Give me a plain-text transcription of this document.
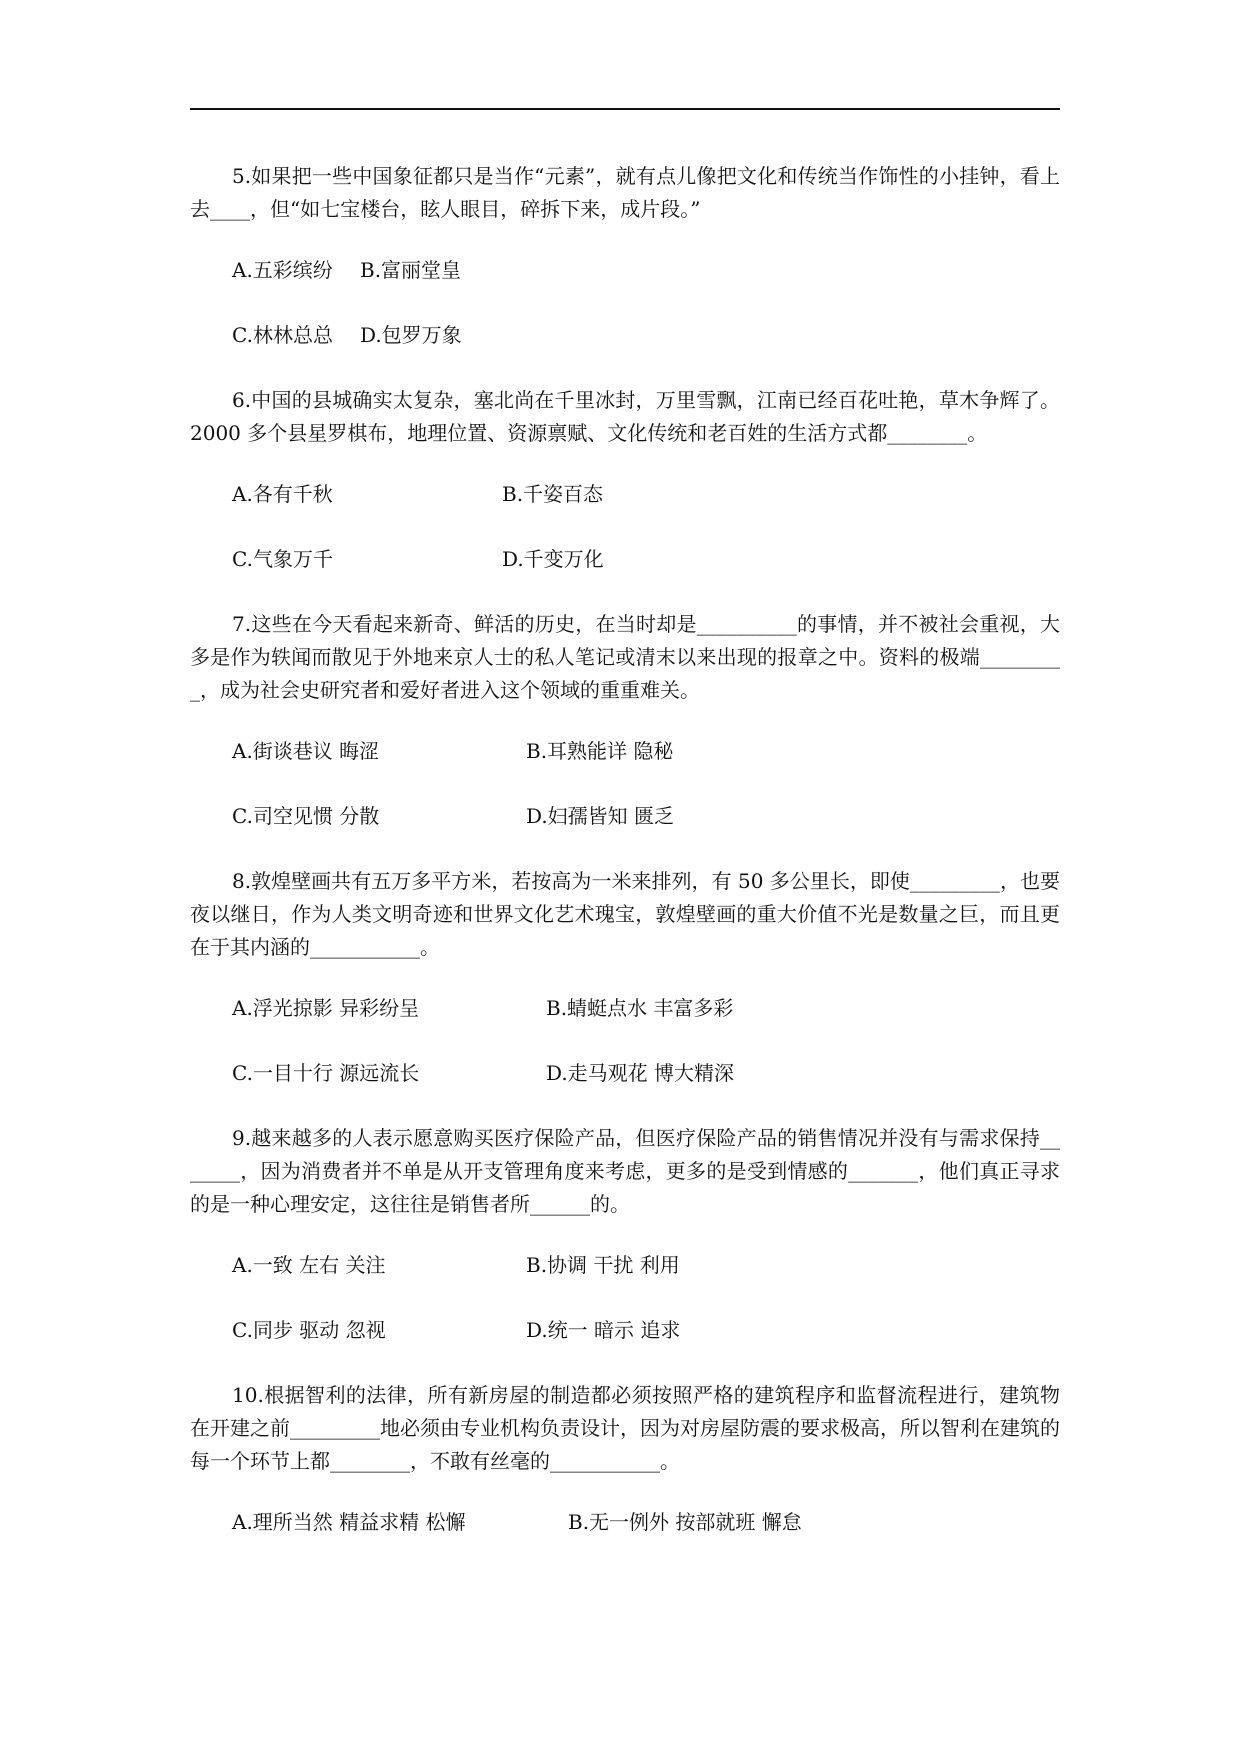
5.如果把一些中国象征都只是当作“元素”，就有点儿像把文化和传统当作饰性的小挂钟，看上去____，但“如七宝楼台，眩人眼目，碎拆下来，成片段。”

A.五彩缤纷 B.富丽堂皇
C.林林总总 D.包罗万象

6.中国的县城确实太复杂，塞北尚在千里冰封，万里雪飘，江南已经百花吐艳，草木争辉了。2000 多个县星罗棋布，地理位置、资源禀赋、文化传统和老百姓的生活方式都________。

A.各有千秋	B.千姿百态
C.气象万千	D.千变万化

7.这些在今天看起来新奇、鲜活的历史，在当时却是__________的事情，并不被社会重视，大多是作为轶闻而散见于外地来京人士的私人笔记或清末以来出现的报章之中。资料的极端_________，成为社会史研究者和爱好者进入这个领域的重重难关。

A.街谈巷议 晦涩	B.耳熟能详 隐秘
C.司空见惯 分散	D.妇孺皆知 匮乏

8.敦煌壁画共有五万多平方米，若按高为一米来排列，有 50 多公里长，即使_________，也要夜以继日，作为人类文明奇迹和世界文化艺术瑰宝，敦煌壁画的重大价值不光是数量之巨，而且更在于其内涵的___________。

A.浮光掠影 异彩纷呈	B.蜻蜓点水 丰富多彩
C.一目十行 源远流长	D.走马观花 博大精深

9.越来越多的人表示愿意购买医疗保险产品，但医疗保险产品的销售情况并没有与需求保持_______，因为消费者并不单是从开支管理角度来考虑，更多的是受到情感的_______，他们真正寻求的是一种心理安定，这往往是销售者所______的。

A.一致 左右 关注	B.协调 干扰 利用
C.同步 驱动 忽视	D.统一 暗示 追求

10.根据智利的法律，所有新房屋的制造都必须按照严格的建筑程序和监督流程进行，建筑物在开建之前_________地必须由专业机构负责设计，因为对房屋防震的要求极高，所以智利在建筑的每一个环节上都________，不敢有丝毫的___________。

A.理所当然 精益求精 松懈	B.无一例外 按部就班 懈怠
